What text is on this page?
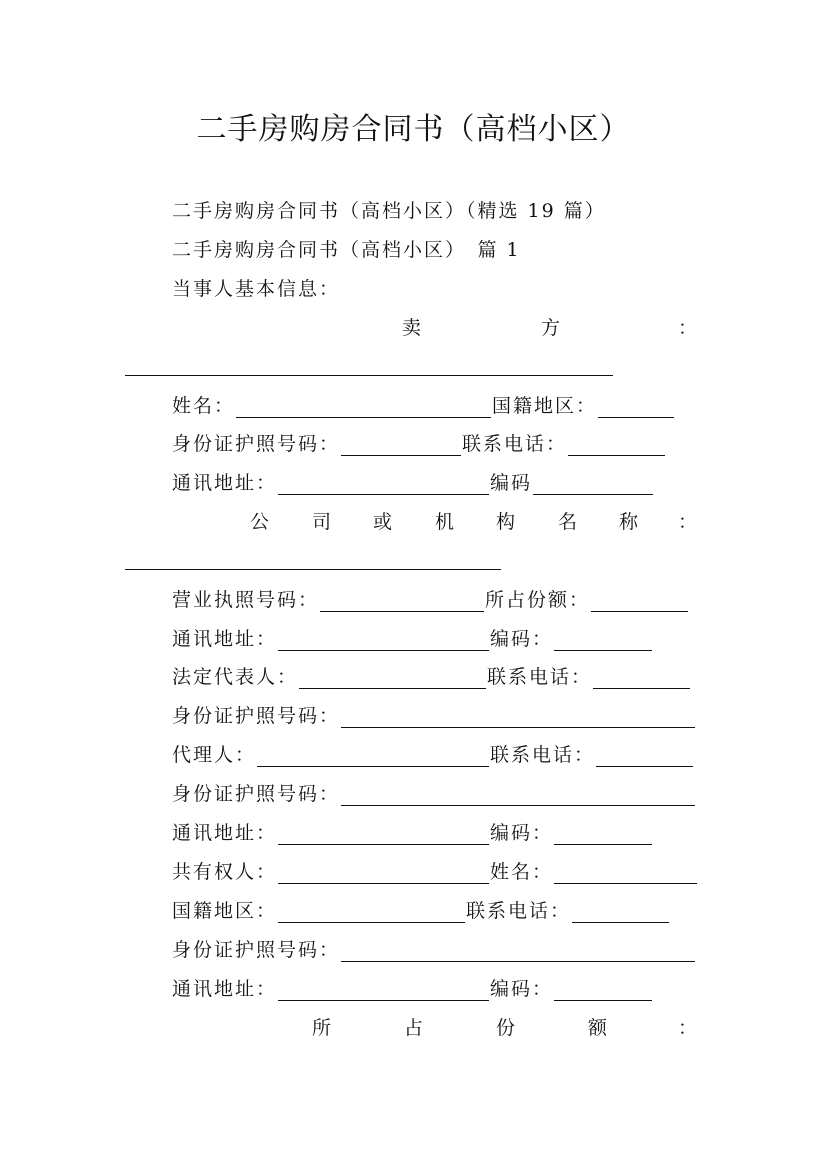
二手房购房合同书（高档小区）
二手房购房合同书（高档小区）（精选 19 篇）
二手房购房合同书（高档小区）　篇 1
当事人基本信息：
卖	方	：
姓名：	国籍地区：
身份证护照号码：	联系电话：
通讯地址：	编码
公 司 或 机 构 名 称 ：
营业执照号码：	所占份额：
通讯地址：	编码：
法定代表人：	联系电话：
身份证护照号码：
代理人：	联系电话：
身份证护照号码：
通讯地址：	编码：
共有权人：	姓名：
国籍地区：	联系电话：
身份证护照号码：
通讯地址：	编码：
所	占	份	额	：
